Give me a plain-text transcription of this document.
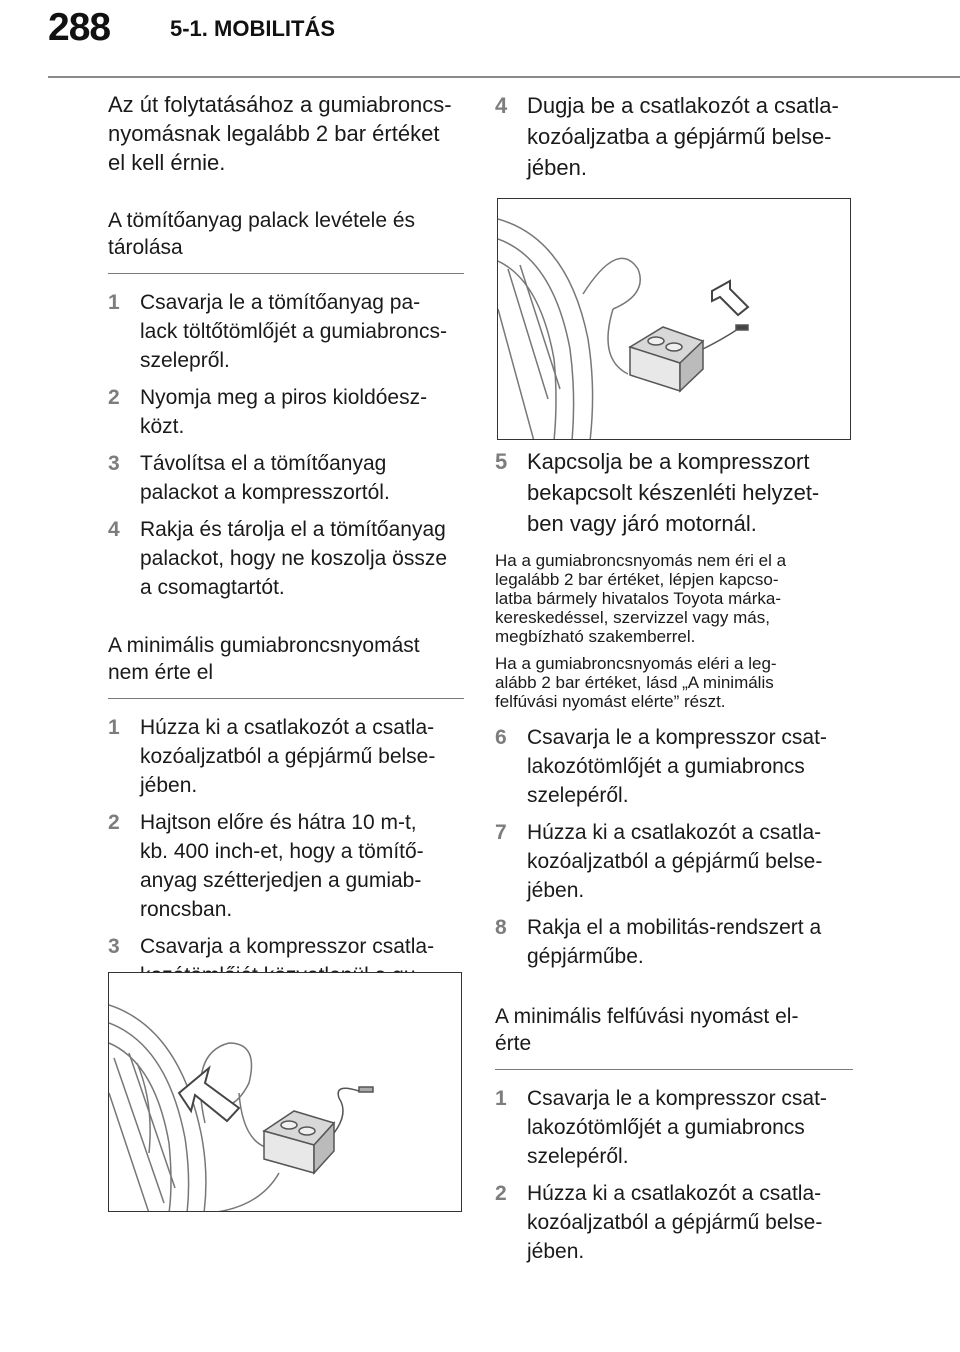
288	5-1. MOBILITÁS
Az út folytatásához a gumiabroncs-
nyomásnak legalább 2 bar értéket
el kell érnie.
A tömítőanyag palack levétele és
tárolása
1 Csavarja le a tömítőanyag pa-
lack töltőtömlőjét a gumiabroncs-
szelepről.
2 Nyomja meg a piros kioldóesz-
közt.
3 Távolítsa el a tömítőanyag
palackot a kompresszortól.
4 Rakja és tárolja el a tömítőanyag
palackot, hogy ne koszolja össze
a csomagtartót.
A minimális gumiabroncsnyomást
nem érte el
1 Húzza ki a csatlakozót a csatla-
kozóaljzatból a gépjármű belse-
jében.
2 Hajtson előre és hátra 10 m-t,
kb. 400 inch-et, hogy a tömítő-
anyag szétterjedjen a gumiab-
roncsban.
3 Csavarja a kompresszor csatla-
4 Dugja be a csatlakozót a csatla-
kozóaljzatba a gépjármű belse-
jében.
5 Kapcsolja be a kompresszort
bekapcsolt készenléti helyzet-
ben vagy járó motornál.
Ha a gumiabroncsnyomás nem éri el a
legalább 2 bar értéket, lépjen kapcso-
latba bármely hivatalos Toyota márka-
kereskedéssel, szervizzel vagy más,
megbízható szakemberrel.
Ha a gumiabroncsnyomás eléri a leg-
alább 2 bar értéket, lásd „A minimális
felfúvási nyomást elérte” részt.
6 Csavarja le a kompresszor csat-
lakozótömlőjét a gumiabroncs
szelepéről.
7 Húzza ki a csatlakozót a csatla-
kozóaljzatból a gépjármű belse-
jében.
8 Rakja el a mobilitás-rendszert a
gépjárműbe.
A minimális felfúvási nyomást el-
érte
1 Csavarja le a kompresszor csat-
lakozótömlőjét a gumiabroncs
szelepéről.
2 Húzza ki a csatlakozót a csatla-
kozóaljzatból a gépjármű belse-
jében.
